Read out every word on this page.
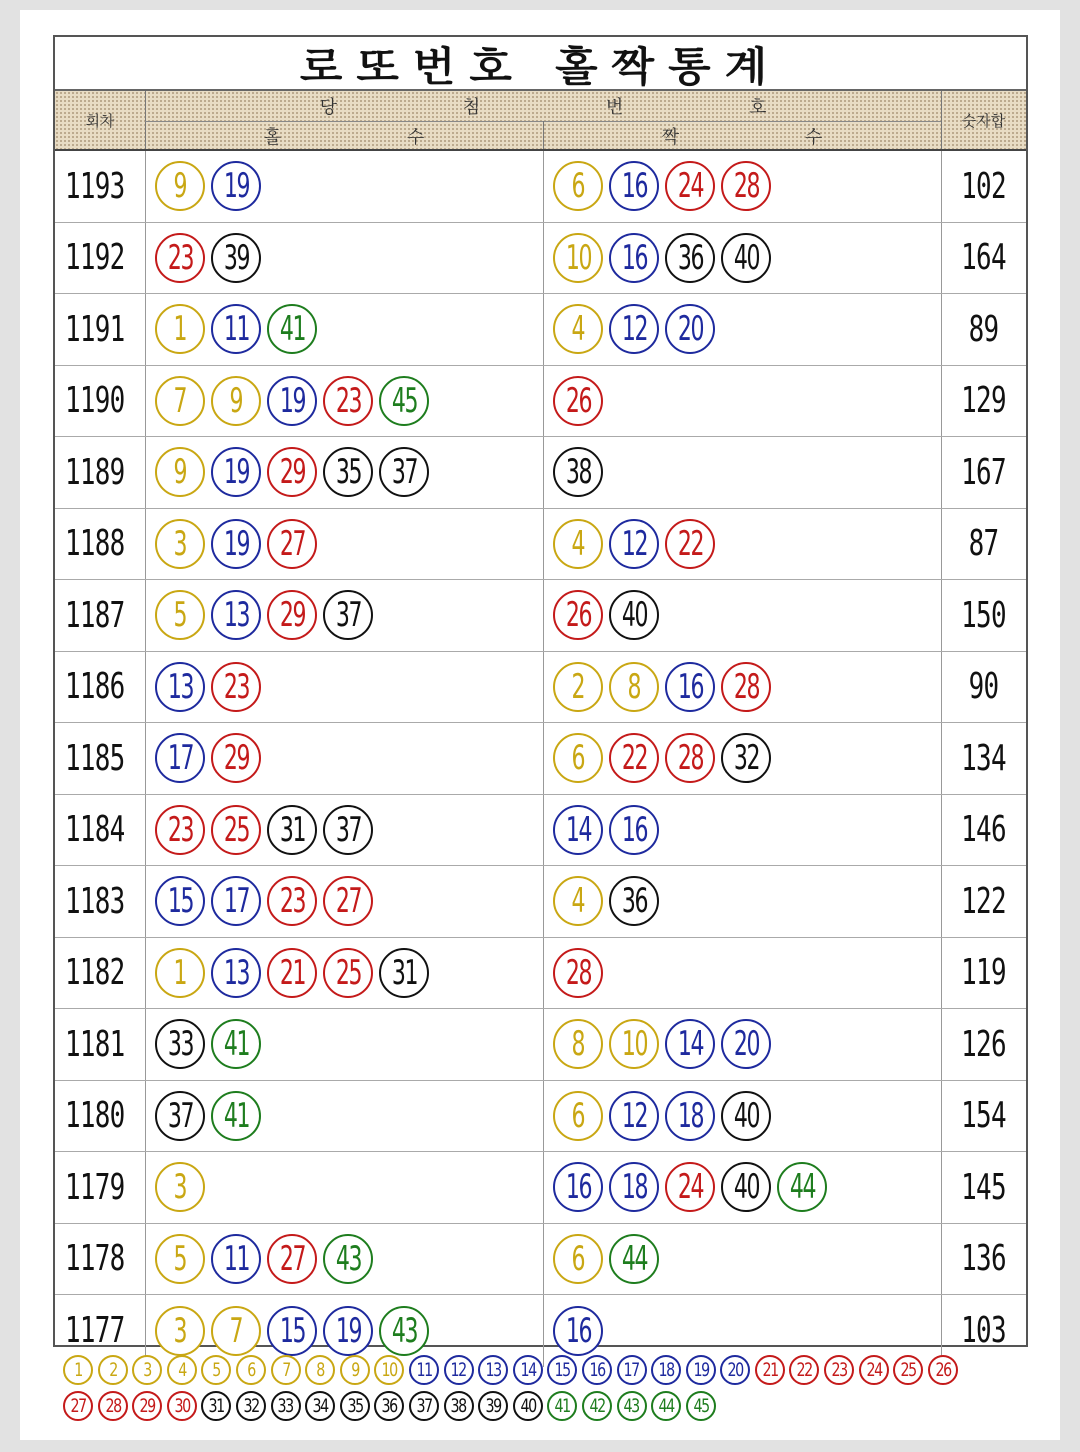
로또번호 홀짝통계
회차
당 첨 번 호
홀 수	짝 수
숫자합
1193 9 19	6 16 24 28	102
1192 23 39	10 16 36 40	164
1191 1 11 41	4 12 20	89
1190 7 9 19 23 45	26	129
1189 9 19 29 35 37	38	167
1188 3 19 27	4 12 22	87
1187 5 13 29 37	26 40	150
1186 13 23	2 8 16 28	90
1185 17 29	6 22 28 32	134
1184 23 25 31 37	14 16	146
1183 15 17 23 27	4 36	122
1182 1 13 21 25 31	28	119
1181 33 41	8 10 14 20	126
1180 37 41	6 12 18 40	154
1179 3	16 18 24 40 44	145
1178 5 11 27 43	6 44	136
1177 3 7 15 19 43	16	103
1 2 3 4 5 6 7 8 9 10 11 12 13 14 15 16 17 18 19 20 21 22 23 24 25 26
27 28 29 30 31 32 33 34 35 36 37 38 39 40 41 42 43 44 45
